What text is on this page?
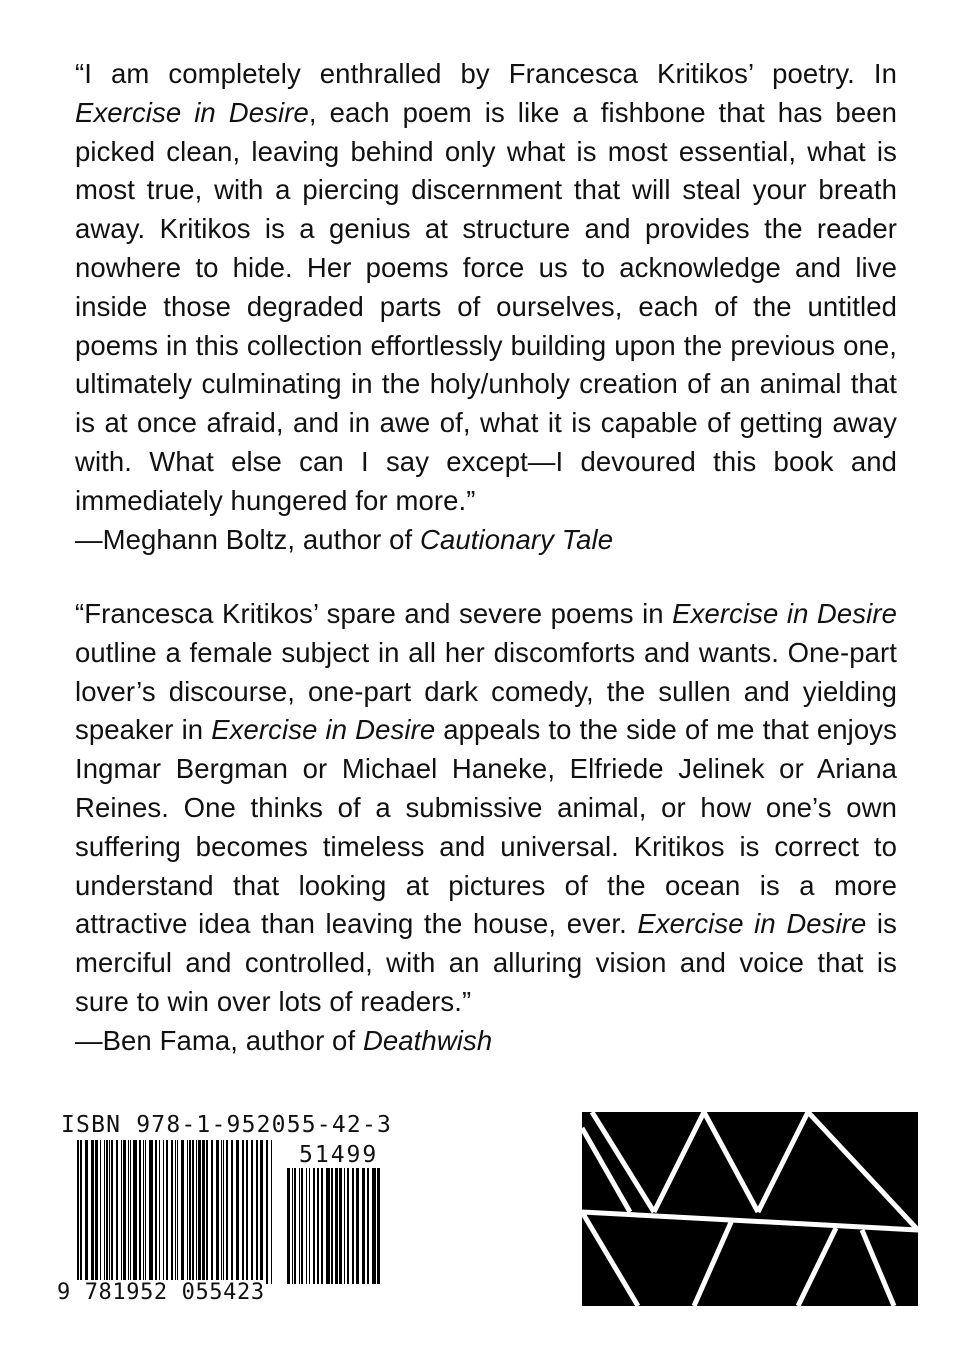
“I am completely enthralled by Francesca Kritikos’ poetry. In Exercise in Desire, each poem is like a fishbone that has been picked clean, leaving behind only what is most essential, what is most true, with a piercing discernment that will steal your breath away. Kritikos is a genius at structure and provides the reader nowhere to hide. Her poems force us to acknowledge and live inside those degraded parts of ourselves, each of the untitled poems in this collection effortlessly building upon the previous one, ultimately culminating in the holy/unholy creation of an animal that is at once afraid, and in awe of, what it is capable of getting away with. What else can I say except—I devoured this book and immediately hungered for more.”
—Meghann Boltz, author of Cautionary Tale

“Francesca Kritikos’ spare and severe poems in Exercise in Desire outline a female subject in all her discomforts and wants. One-part lover’s discourse, one-part dark comedy, the sullen and yielding speaker in Exercise in Desire appeals to the side of me that enjoys Ingmar Bergman or Michael Haneke, Elfriede Jelinek or Ariana Reines. One thinks of a submissive animal, or how one’s own suffering becomes timeless and universal. Kritikos is correct to understand that looking at pictures of the ocean is a more attractive idea than leaving the house, ever. Exercise in Desire is merciful and controlled, with an alluring vision and voice that is sure to win over lots of readers.”
—Ben Fama, author of Deathwish

ISBN 978-1-952055-42-3

51499

9 781952 055423
